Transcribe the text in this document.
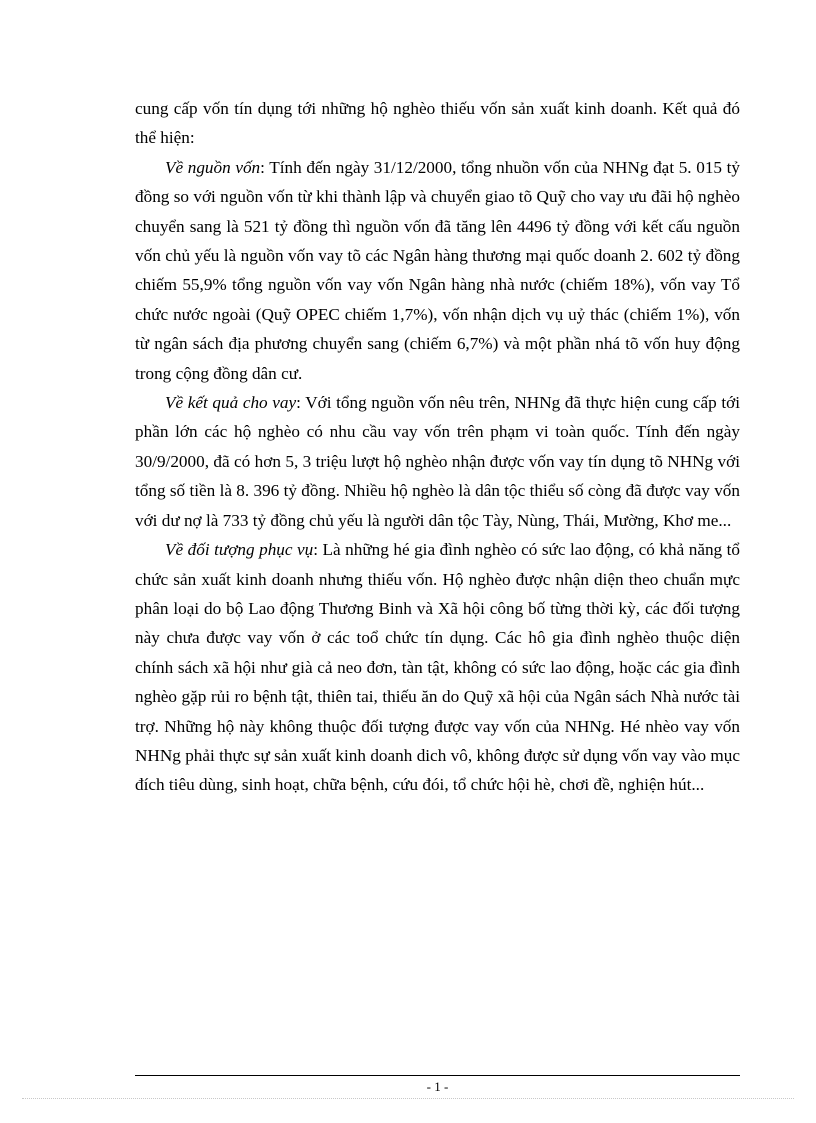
cung cấp vốn tín dụng tới những hộ nghèo thiếu vốn sản xuất kinh doanh. Kết quả đó thể hiện:

Về nguồn vốn: Tính đến ngày 31/12/2000, tổng nhuồn vốn của NHNg đạt 5. 015 tỷ đồng so với nguồn vốn từ khi thành lập và chuyển giao tõ Quỹ cho vay ưu đãi hộ nghèo chuyển sang là 521 tỷ đồng thì nguồn vốn đã tăng lên 4496 tỷ đồng với kết cấu nguồn vốn chủ yếu là nguồn vốn vay tõ các Ngân hàng thương mại quốc doanh 2. 602 tỷ đồng chiếm 55,9% tổng nguồn vốn vay vốn Ngân hàng nhà nước (chiếm 18%), vốn vay Tổ chức nước ngoài (Quỹ OPEC chiếm 1,7%), vốn nhận dịch vụ uỷ thác (chiếm 1%), vốn từ ngân sách địa phương chuyển sang (chiếm 6,7%) và một phần nhá tõ vốn huy động trong cộng đồng dân cư.

Về kết quả cho vay: Với tổng nguồn vốn nêu trên, NHNg đã thực hiện cung cấp tới phần lớn các hộ nghèo có nhu cầu vay vốn trên phạm vi toàn quốc. Tính đến ngày 30/9/2000, đã có hơn 5, 3 triệu lượt hộ nghèo nhận được vốn vay tín dụng tõ NHNg với tổng số tiền là 8. 396 tỷ đồng. Nhiều hộ nghèo là dân tộc thiểu số còng đã được vay vốn với dư nợ là 733 tỷ đồng chủ yếu là người dân tộc Tày, Nùng, Thái, Mường, Khơ me...

Về đối tượng phục vụ: Là những hé gia đình nghèo có sức lao động, có khả năng tổ chức sản xuất kinh doanh nhưng thiếu vốn. Hộ nghèo được nhận diện theo chuẩn mực phân loại do bộ Lao động Thương Binh và Xã hội công bố từng thời kỳ, các đối tượng này chưa được vay vốn ở các toổ chức tín dụng. Các hô gia đình nghèo thuộc diện chính sách xã hội như già cả neo đơn, tàn tật, không có sức lao động, hoặc các gia đình nghèo gặp rủi ro bệnh tật, thiên tai, thiếu ăn do Quỹ xã hội của Ngân sách Nhà nước tài trợ. Những hộ này không thuộc đối tượng được vay vốn của NHNg. Hé nhèo vay vốn NHNg phải thực sự sản xuất kinh doanh dich vô, không được sử dụng vốn vay vào mục đích tiêu dùng, sinh hoạt, chữa bệnh, cứu đói, tổ chức hội hè, chơi đề, nghiện hút...

- 1 -
